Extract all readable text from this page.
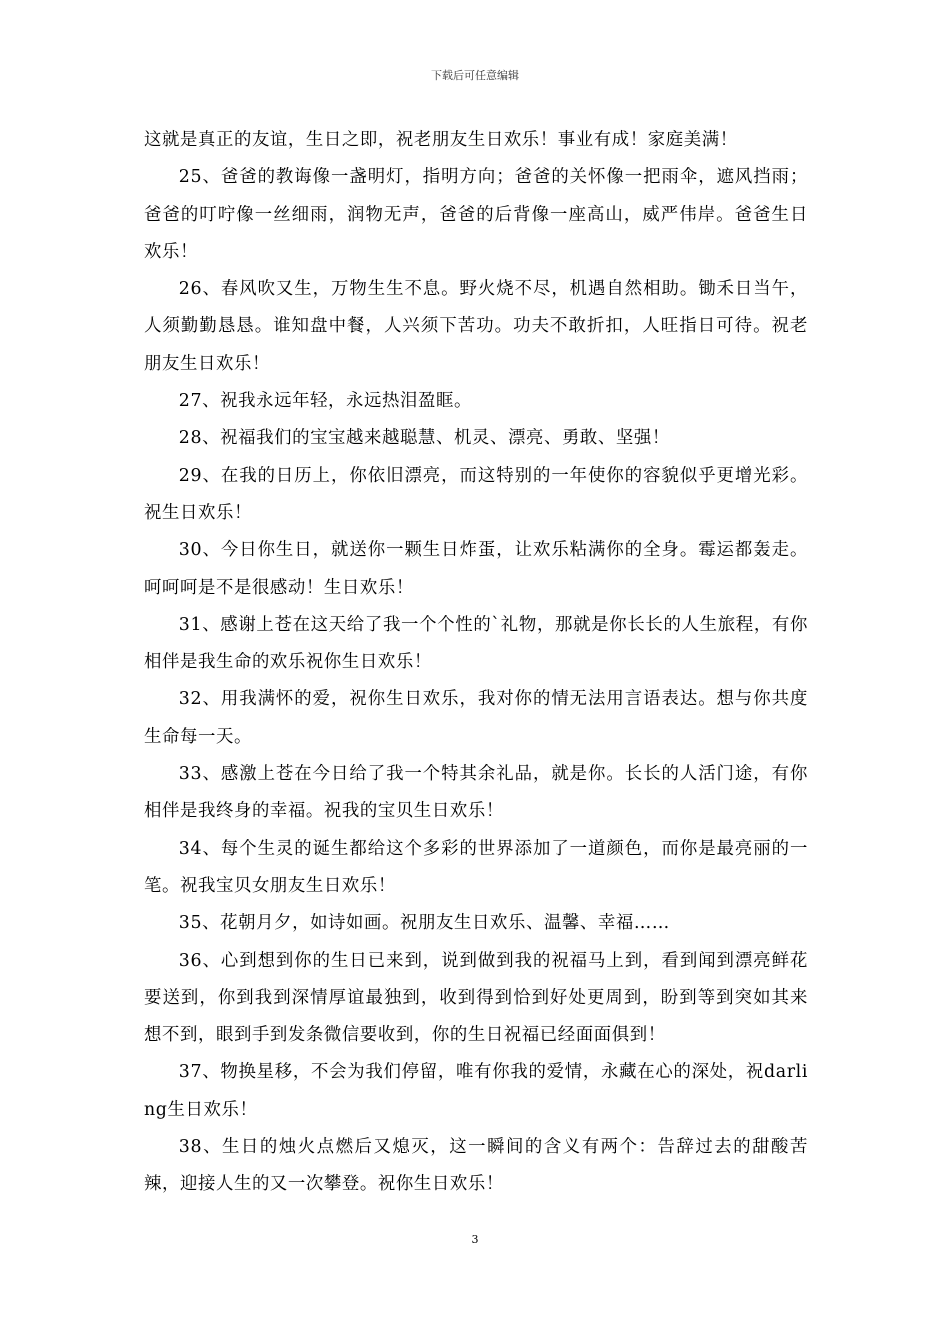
下载后可任意编辑

这就是真正的友谊，生日之即，祝老朋友生日欢乐！事业有成！家庭美满！

25、爸爸的教诲像一盏明灯，指明方向；爸爸的关怀像一把雨伞，遮风挡雨；爸爸的叮咛像一丝细雨，润物无声，爸爸的后背像一座高山，威严伟岸。爸爸生日欢乐！

26、春风吹又生，万物生生不息。野火烧不尽，机遇自然相助。锄禾日当午，人须勤勤恳恳。谁知盘中餐，人兴须下苦功。功夫不敢折扣，人旺指日可待。祝老朋友生日欢乐！

27、祝我永远年轻，永远热泪盈眶。

28、祝福我们的宝宝越来越聪慧、机灵、漂亮、勇敢、坚强！

29、在我的日历上，你依旧漂亮，而这特别的一年使你的容貌似乎更增光彩。祝生日欢乐！

30、今日你生日，就送你一颗生日炸蛋，让欢乐粘满你的全身。霉运都轰走。呵呵呵是不是很感动！生日欢乐！

31、感谢上苍在这天给了我一个个性的`礼物，那就是你长长的人生旅程，有你相伴是我生命的欢乐祝你生日欢乐！

32、用我满怀的爱，祝你生日欢乐，我对你的情无法用言语表达。想与你共度生命每一天。

33、感激上苍在今日给了我一个特其余礼品，就是你。长长的人活门途，有你相伴是我终身的幸福。祝我的宝贝生日欢乐！

34、每个生灵的诞生都给这个多彩的世界添加了一道颜色，而你是最亮丽的一笔。祝我宝贝女朋友生日欢乐！

35、花朝月夕，如诗如画。祝朋友生日欢乐、温馨、幸福……

36、心到想到你的生日已来到，说到做到我的祝福马上到，看到闻到漂亮鲜花要送到，你到我到深情厚谊最独到，收到得到恰到好处更周到，盼到等到突如其来想不到，眼到手到发条微信要收到，你的生日祝福已经面面俱到！

37、物换星移，不会为我们停留，唯有你我的爱情，永藏在心的深处，祝darling生日欢乐！

38、生日的烛火点燃后又熄灭，这一瞬间的含义有两个：告辞过去的甜酸苦辣，迎接人生的又一次攀登。祝你生日欢乐！

3
